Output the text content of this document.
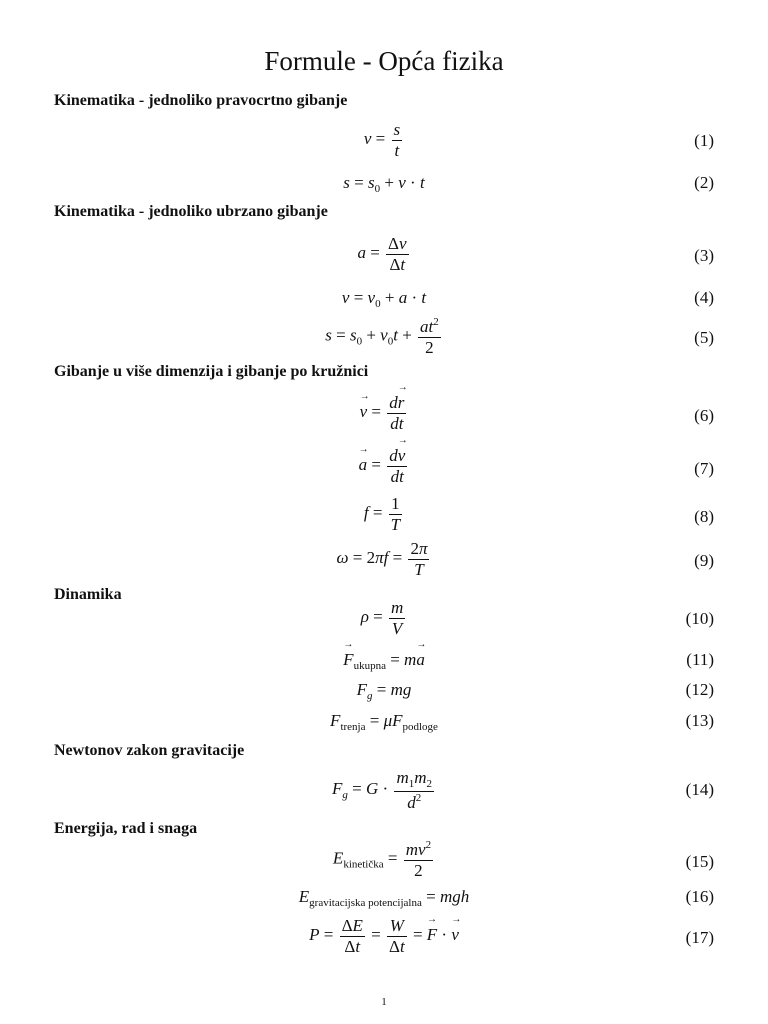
Formule - Opća fizika
Kinematika - jednoliko pravocrtno gibanje
$v = \frac{s}{t}$	(1)
$s = s_0 + v \cdot t$	(2)
Kinematika - jednoliko ubrzano gibanje
$a = \frac{\Delta v}{\Delta t}$	(3)
$v = v_0 + a \cdot t$	(4)
$s = s_0 + v_0t + \frac{at^2}{2}$	(5)
Gibanje u više dimenzija i gibanje po kružnici
→ $v = \frac{d\to r}{dt}$	(6)
→ $a = \frac{d\to v}{dt}$	(7)
$f = \frac{1}{T}$	(8)
$\omega = 2\pi f = \frac{2\pi}{T}$	(9)
Dinamika
$\rho = \frac{m}{V}$	(10)
→ $F_{ukupna} = m\to a$	(11)
$F_g$ = mg	(12)
$F_{trenja} = \mu F_{podloge}$	(13)
Newtonov zakon gravitacije
$F_g = G \cdot \frac{m_1m_2}{d^2}$	(14)
Energija, rad i snaga
$E_{kinetička} = \frac{mv^2}{2}$	(15)
$E_{gravitacijska potencijalna}$ = mgh	(16)
$P = \frac{\Delta E}{\Delta t} = \frac{W}{\Delta t}$ = → F · → v	(17)
1
